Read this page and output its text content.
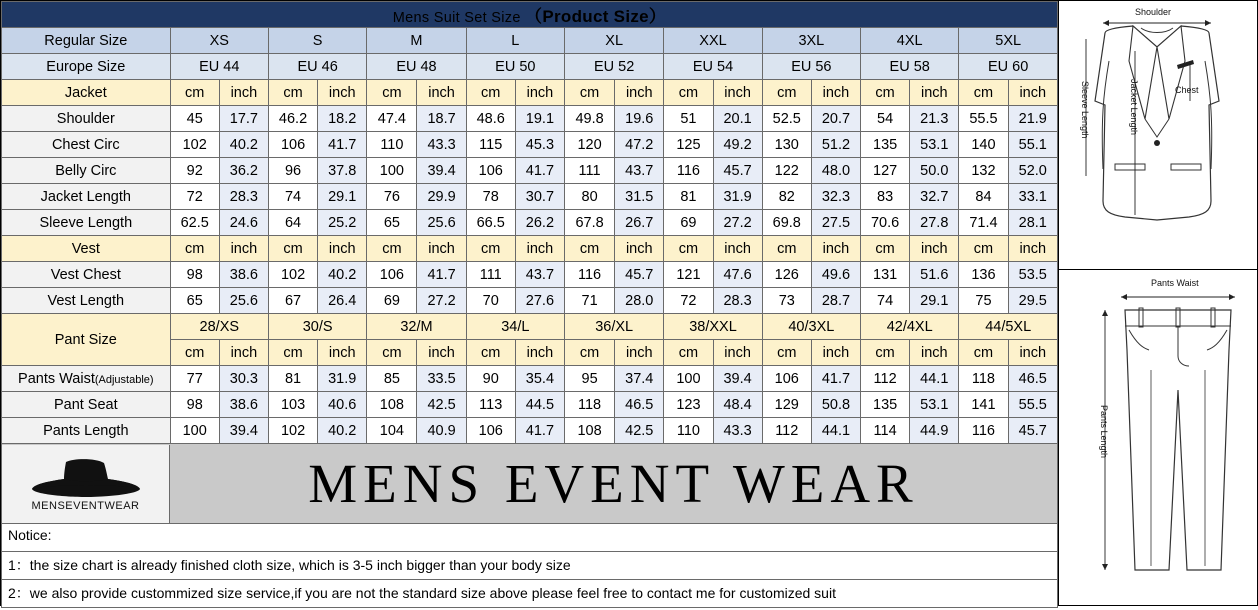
Mens Suit Set Size （Product Size）																		
Regular Size	XS		S		M		L		XL		XXL		3XL		4XL		5XL	
Europe Size	EU 44		EU 46		EU 48		EU 50		EU 52		EU 54		EU 56		EU 58		EU 60	
Jacket	cm	inch	cm	inch	cm	inch	cm	inch	cm	inch	cm	inch	cm	inch	cm	inch	cm	inch
Shoulder	45	17.7	46.2	18.2	47.4	18.7	48.6	19.1	49.8	19.6	51	20.1	52.5	20.7	54	21.3	55.5	21.9
Chest Circ	102	40.2	106	41.7	110	43.3	115	45.3	120	47.2	125	49.2	130	51.2	135	53.1	140	55.1
Belly Circ	92	36.2	96	37.8	100	39.4	106	41.7	111	43.7	116	45.7	122	48.0	127	50.0	132	52.0
Jacket Length	72	28.3	74	29.1	76	29.9	78	30.7	80	31.5	81	31.9	82	32.3	83	32.7	84	33.1
Sleeve Length	62.5	24.6	64	25.2	65	25.6	66.5	26.2	67.8	26.7	69	27.2	69.8	27.5	70.6	27.8	71.4	28.1
Vest	cm	inch	cm	inch	cm	inch	cm	inch	cm	inch	cm	inch	cm	inch	cm	inch	cm	inch
Vest Chest	98	38.6	102	40.2	106	41.7	111	43.7	116	45.7	121	47.6	126	49.6	131	51.6	136	53.5
Vest Length	65	25.6	67	26.4	69	27.2	70	27.6	71	28.0	72	28.3	73	28.7	74	29.1	75	29.5
Pant Size	28/XS		30/S		32/M		34/L		36/XL		38/XXL		40/3XL		42/4XL		44/5XL	
	cm	inch	cm	inch	cm	inch	cm	inch	cm	inch	cm	inch	cm	inch	cm	inch	cm	inch
Pants Waist(Adjustable)	77	30.3	81	31.9	85	33.5	90	35.4	95	37.4	100	39.4	106	41.7	112	44.1	118	46.5
Pant Seat	98	38.6	103	40.6	108	42.5	113	44.5	118	46.5	123	48.4	129	50.8	135	53.1	141	55.5
Pants Length	100	39.4	102	40.2	104	40.9	106	41.7	108	42.5	110	43.3	112	44.1	114	44.9	116	45.7
MENSEVENTWEAR	MENS EVENT WEAR
Notice:
1：the size chart is already finished cloth size, which is 3-5 inch bigger than your body size
2：we also provide custommized size service,if you are not the standard size above please feel free to contact me for customized suit
Shoulder
Sleeve Length	Jacket Length	Chest
Pants Waist
Pants Length
